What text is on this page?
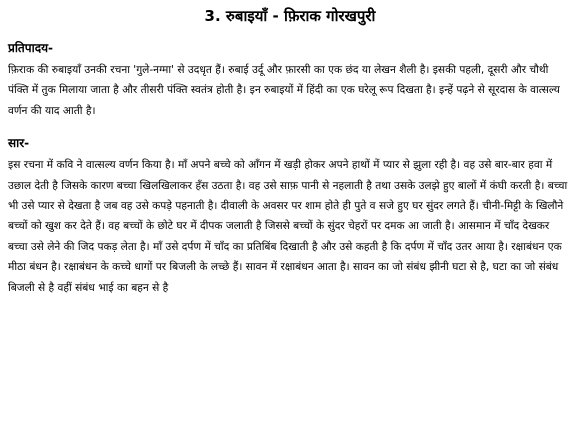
3. रुबाइयाँ - फ़िराक गोरखपुरी
प्रतिपादय-

फ़िराक की रुबाइयाँ उनकी रचना 'गुले-नग्मा' से उदधृत हैं। रुबाई उर्दू और फ़ारसी का एक छंद या लेखन शैली है। इसकी पहली, दूसरी और चौथी पंक्ति में तुक मिलाया जाता है और तीसरी पंक्ति स्वतंत्र होती है। इन रुबाइयों में हिंदी का एक घरेलू रूप दिखता है। इन्हें पढ़ने से सूरदास के वात्सल्य वर्णन की याद आती है।

सार-

इस रचना में कवि ने वात्सल्य वर्णन किया है। माँ अपने बच्चे को आँगन में खड़ी होकर अपने हाथों में प्यार से झुला रही है। वह उसे बार-बार हवा में उछाल देती है जिसके कारण बच्चा खिलखिलाकर हँस उठता है। वह उसे साफ़ पानी से नहलाती है तथा उसके उलझे हुए बालों में कंघी करती है। बच्चा भी उसे प्यार से देखता है जब वह उसे कपड़े पहनाती है। दीवाली के अवसर पर शाम होते ही पुते व सजे हुए घर सुंदर लगते हैं। चीनी-मिट्टी के खिलौने बच्चों को खुश कर देते हैं। वह बच्चों के छोटे घर में दीपक जलाती है जिससे बच्चों के सुंदर चेहरों पर दमक आ जाती है। आसमान में चाँद देखकर बच्चा उसे लेने की जिद पकड़ लेता है। माँ उसे दर्पण में चाँद का प्रतिबिंब दिखाती है और उसे कहती है कि दर्पण में चाँद उतर आया है। रक्षाबंधन एक मीठा बंधन है। रक्षाबंधन के कच्चे धागों पर बिजली के लच्छे हैं। सावन में रक्षाबंधन आता है। सावन का जो संबंध झीनी घटा से है, घटा का जो संबंध बिजली से है वहीं संबंध भाई का बहन से है
